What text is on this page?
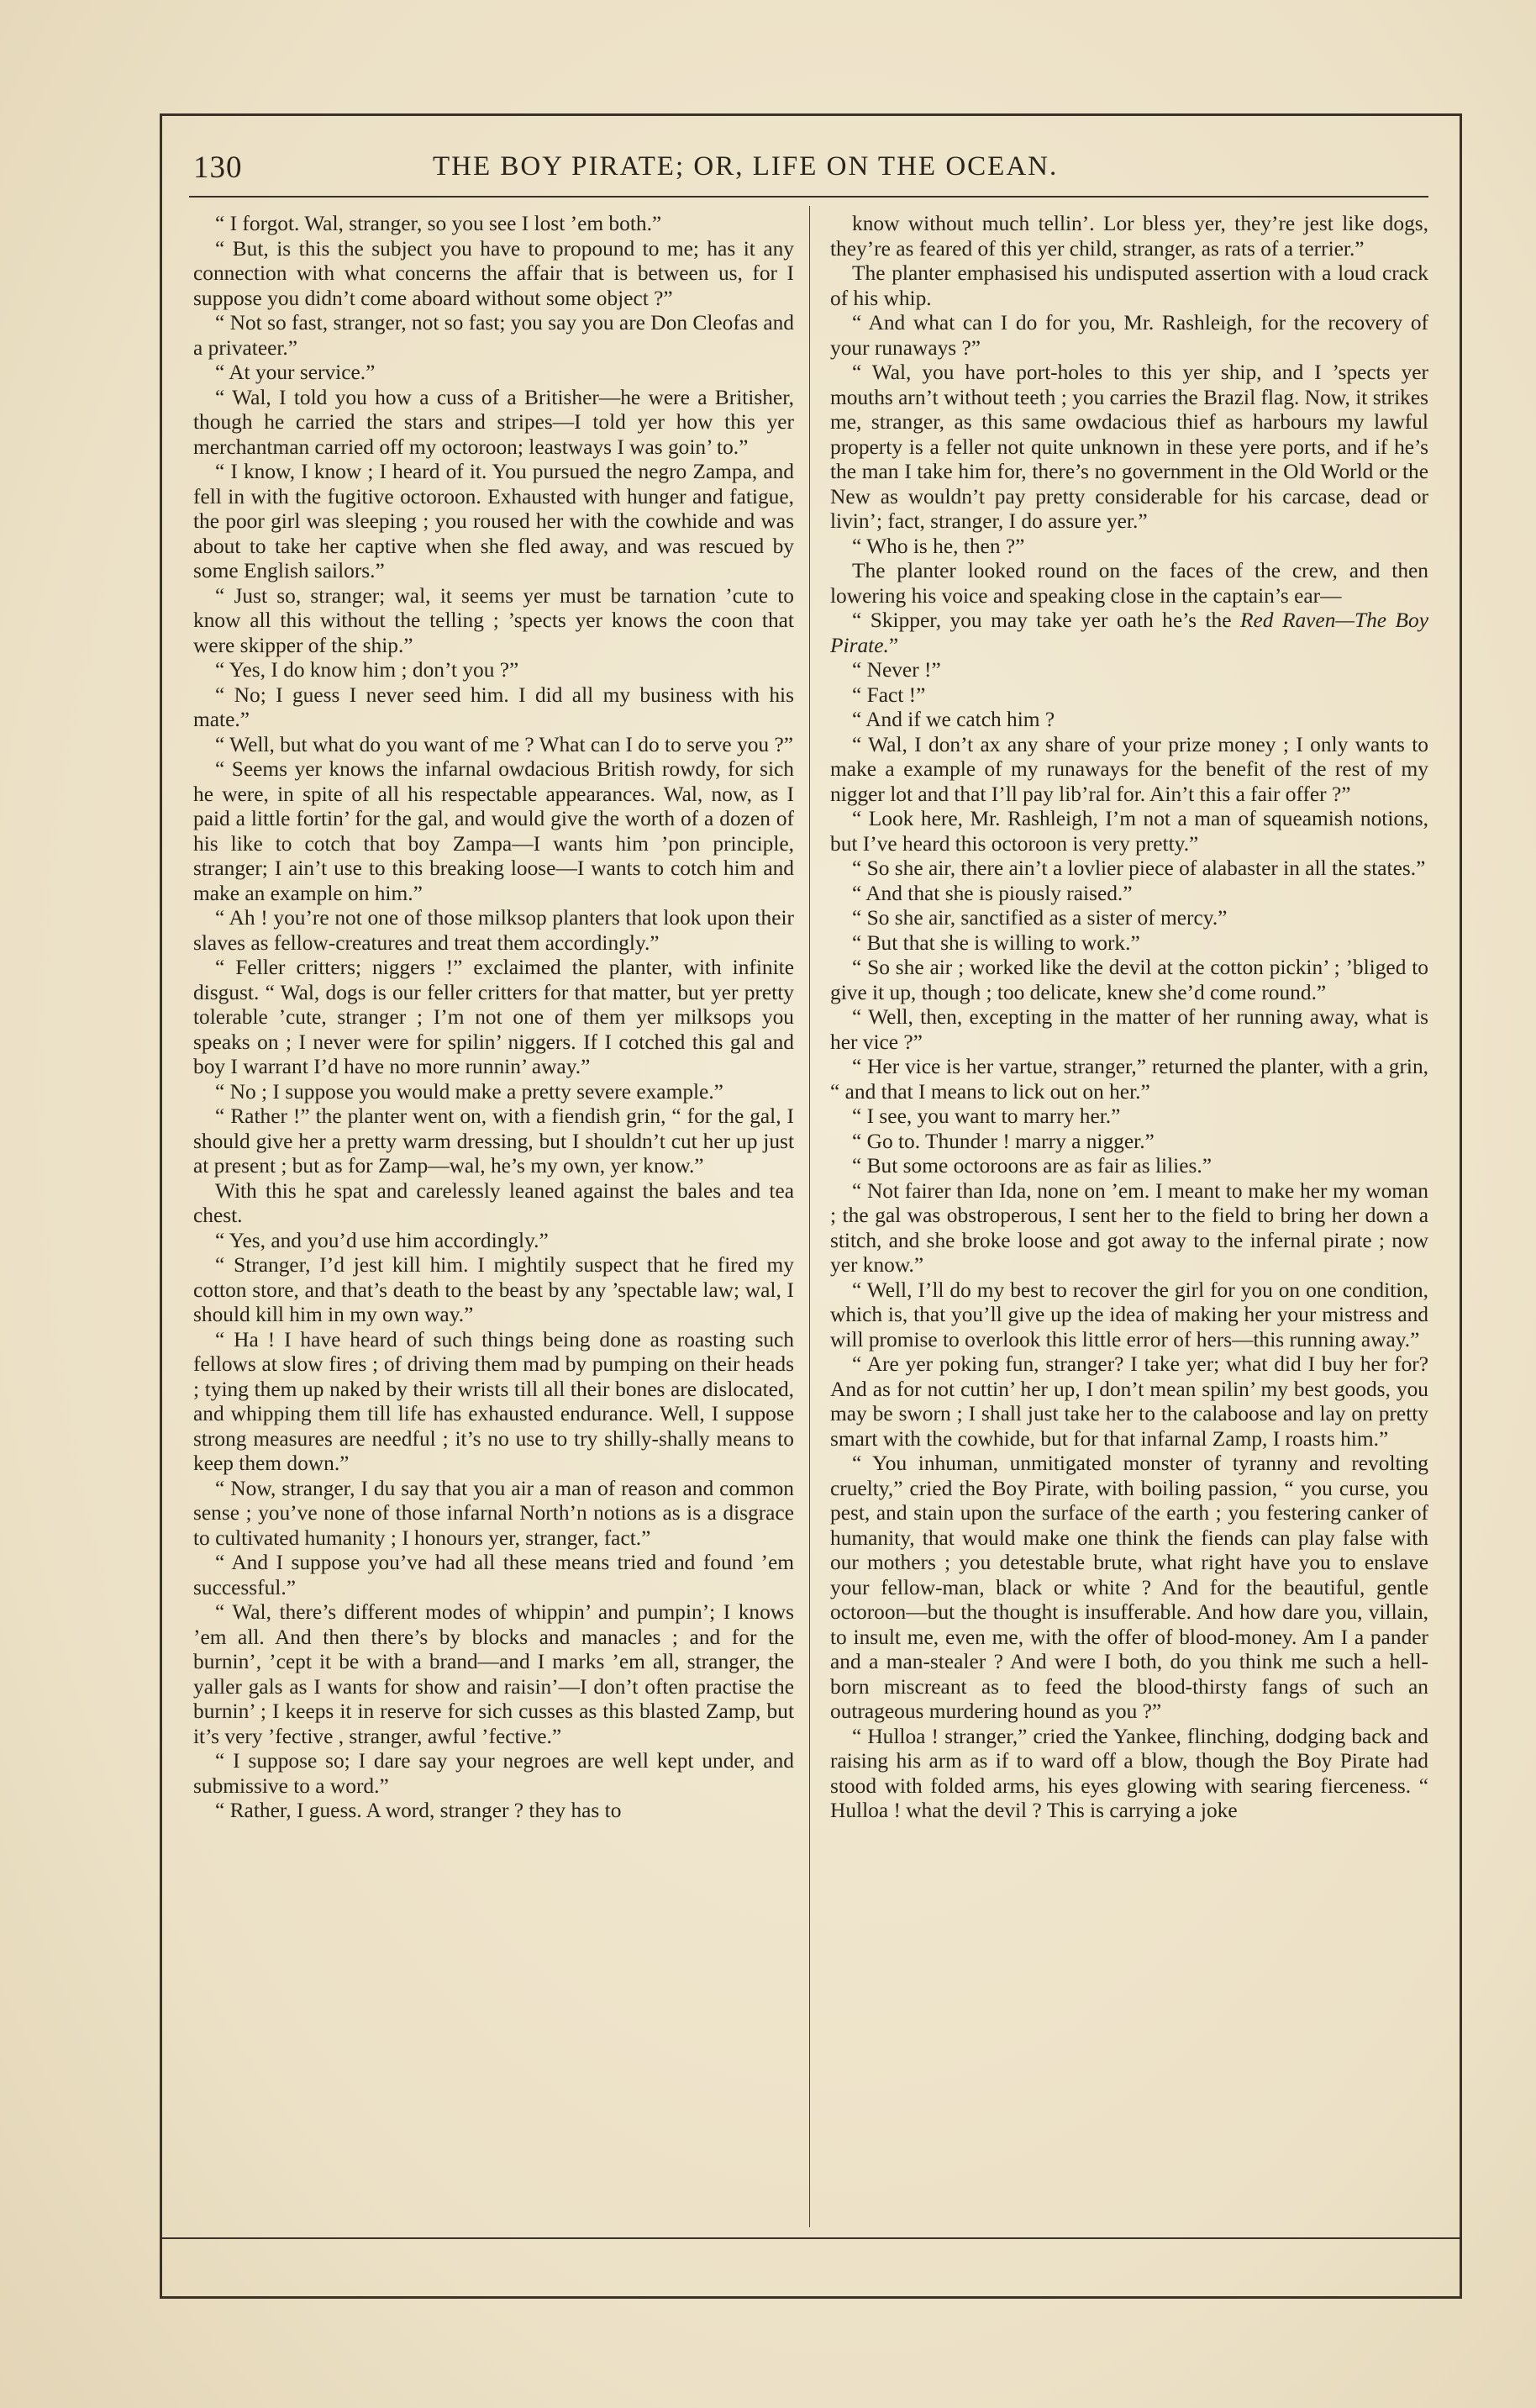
130	THE BOY PIRATE; OR, LIFE ON THE OCEAN.

“ I forgot. Wal, stranger, so you see I lost ’em both.”

“ But, is this the subject you have to propound to me; has it any connection with what concerns the affair that is between us, for I suppose you didn’t come aboard without some object ?”

“ Not so fast, stranger, not so fast; you say you are Don Cleofas and a privateer.”

“ At your service.”

“ Wal, I told you how a cuss of a Britisher—he were a Britisher, though he carried the stars and stripes—I told yer how this yer merchantman carried off my octoroon; leastways I was goin’ to.”

“ I know, I know ; I heard of it. You pursued the negro Zampa, and fell in with the fugitive octoroon. Exhausted with hunger and fatigue, the poor girl was sleeping ; you roused her with the cowhide and was about to take her captive when she fled away, and was rescued by some English sailors.”

“ Just so, stranger; wal, it seems yer must be tarnation ’cute to know all this without the telling ; ’spects yer knows the coon that were skipper of the ship.”

“ Yes, I do know him ; don’t you ?”

“ No; I guess I never seed him. I did all my business with his mate.”

“ Well, but what do you want of me ? What can I do to serve you ?”

“ Seems yer knows the infarnal owdacious British rowdy, for sich he were, in spite of all his respectable appearances. Wal, now, as I paid a little fortin’ for the gal, and would give the worth of a dozen of his like to cotch that boy Zampa—I wants him ’pon principle, stranger; I ain’t use to this breaking loose—I wants to cotch him and make an example on him.”

“ Ah ! you’re not one of those milksop planters that look upon their slaves as fellow-creatures and treat them accordingly.”

“ Feller critters; niggers !” exclaimed the planter, with infinite disgust. “ Wal, dogs is our feller critters for that matter, but yer pretty tolerable ’cute, stranger ; I’m not one of them yer milksops you speaks on ; I never were for spilin’ niggers. If I cotched this gal and boy I warrant I’d have no more runnin’ away.”

“ No ; I suppose you would make a pretty severe example.”

“ Rather !” the planter went on, with a fiendish grin, “ for the gal, I should give her a pretty warm dressing, but I shouldn’t cut her up just at present ; but as for Zamp—wal, he’s my own, yer know.”

With this he spat and carelessly leaned against the bales and tea chest.

“ Yes, and you’d use him accordingly.”

“ Stranger, I’d jest kill him. I mightily suspect that he fired my cotton store, and that’s death to the beast by any ’spectable law; wal, I should kill him in my own way.”

“ Ha ! I have heard of such things being done as roasting such fellows at slow fires ; of driving them mad by pumping on their heads ; tying them up naked by their wrists till all their bones are dislocated, and whipping them till life has exhausted endurance. Well, I suppose strong measures are needful ; it’s no use to try shilly-shally means to keep them down.”

“ Now, stranger, I du say that you air a man of reason and common sense ; you’ve none of those infarnal North’n notions as is a disgrace to cultivated humanity ; I honours yer, stranger, fact.”

“ And I suppose you’ve had all these means tried and found ’em successful.”

“ Wal, there’s different modes of whippin’ and pumpin’; I knows ’em all. And then there’s by blocks and manacles ; and for the burnin’, ’cept it be with a brand—and I marks ’em all, stranger, the yaller gals as I wants for show and raisin’—I don’t often practise the burnin’ ; I keeps it in reserve for sich cusses as this blasted Zamp, but it’s very ’fective , stranger, awful ’fective.”

“ I suppose so; I dare say your negroes are well kept under, and submissive to a word.”

“ Rather, I guess. A word, stranger ? they has to

know without much tellin’. Lor bless yer, they’re jest like dogs, they’re as feared of this yer child, stranger, as rats of a terrier.”

The planter emphasised his undisputed assertion with a loud crack of his whip.

“ And what can I do for you, Mr. Rashleigh, for the recovery of your runaways ?”

“ Wal, you have port-holes to this yer ship, and I ’spects yer mouths arn’t without teeth ; you carries the Brazil flag. Now, it strikes me, stranger, as this same owdacious thief as harbours my lawful property is a feller not quite unknown in these yere ports, and if he’s the man I take him for, there’s no government in the Old World or the New as wouldn’t pay pretty considerable for his carcase, dead or livin’; fact, stranger, I do assure yer.”

“ Who is he, then ?”

The planter looked round on the faces of the crew, and then lowering his voice and speaking close in the captain’s ear—

“ Skipper, you may take yer oath he’s the Red Raven—The Boy Pirate.”

“ Never !”

“ Fact !”

“ And if we catch him ?

“ Wal, I don’t ax any share of your prize money ; I only wants to make a example of my runaways for the benefit of the rest of my nigger lot and that I’ll pay lib’ral for. Ain’t this a fair offer ?”

“ Look here, Mr. Rashleigh, I’m not a man of squeamish notions, but I’ve heard this octoroon is very pretty.”

“ So she air, there ain’t a lovlier piece of alabaster in all the states.”

“ And that she is piously raised.”

“ So she air, sanctified as a sister of mercy.”

“ But that she is willing to work.”

“ So she air ; worked like the devil at the cotton pickin’ ; ’bliged to give it up, though ; too delicate, knew she’d come round.”

“ Well, then, excepting in the matter of her running away, what is her vice ?”

“ Her vice is her vartue, stranger,” returned the planter, with a grin, “ and that I means to lick out on her.”

“ I see, you want to marry her.”

“ Go to. Thunder ! marry a nigger.”

“ But some octoroons are as fair as lilies.”

“ Not fairer than Ida, none on ’em. I meant to make her my woman ; the gal was obstroperous, I sent her to the field to bring her down a stitch, and she broke loose and got away to the infernal pirate ; now yer know.”

“ Well, I’ll do my best to recover the girl for you on one condition, which is, that you’ll give up the idea of making her your mistress and will promise to overlook this little error of hers—this running away.”

“ Are yer poking fun, stranger? I take yer; what did I buy her for? And as for not cuttin’ her up, I don’t mean spilin’ my best goods, you may be sworn ; I shall just take her to the calaboose and lay on pretty smart with the cowhide, but for that infarnal Zamp, I roasts him.”

“ You inhuman, unmitigated monster of tyranny and revolting cruelty,” cried the Boy Pirate, with boiling passion, “ you curse, you pest, and stain upon the surface of the earth ; you festering canker of humanity, that would make one think the fiends can play false with our mothers ; you detestable brute, what right have you to enslave your fellow-man, black or white ? And for the beautiful, gentle octoroon—but the thought is insufferable. And how dare you, villain, to insult me, even me, with the offer of blood-money. Am I a pander and a man-stealer ? And were I both, do you think me such a hell-born miscreant as to feed the blood-thirsty fangs of such an outrageous murdering hound as you ?”

“ Hulloa ! stranger,” cried the Yankee, flinching, dodging back and raising his arm as if to ward off a blow, though the Boy Pirate had stood with folded arms, his eyes glowing with searing fierceness. “ Hulloa ! what the devil ? This is carrying a joke
